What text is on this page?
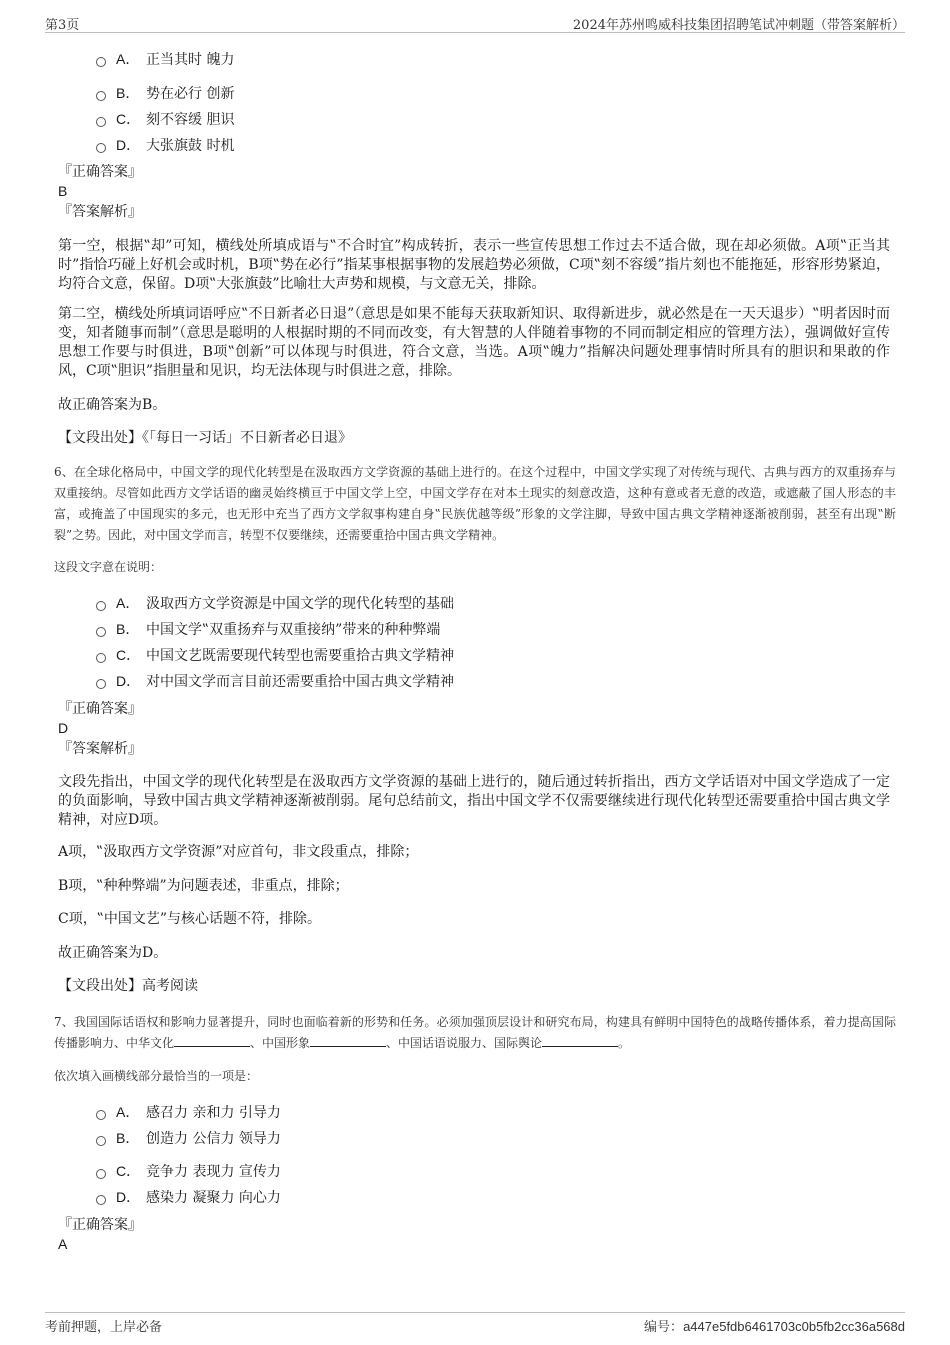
第3页	2024年苏州鸣威科技集团招聘笔试冲刺题（带答案解析）
A． 正当其时 魄力
B． 势在必行 创新
C． 刻不容缓 胆识
D． 大张旗鼓 时机
『正确答案』
B
『答案解析』
第一空，根据‟却”可知，横线处所填成语与‟不合时宜”构成转折，表示一些宣传思想工作过去不适合做，现在却必须做。A项‟正当其时”指恰巧碰上好机会或时机，B项‟势在必行”指某事根据事物的发展趋势必须做，C项‟刻不容缓”指片刻也不能拖延，形容形势紧迫，均符合文意，保留。D项‟大张旗鼓”比喻壮大声势和规模，与文意无关，排除。
第二空，横线处所填词语呼应‟不日新者必日退”（意思是如果不能每天获取新知识、取得新进步，就必然是在一天天退步）‟明者因时而变，知者随事而制”（意思是聪明的人根据时期的不同而改变，有大智慧的人伴随着事物的不同而制定相应的管理方法），强调做好宣传思想工作要与时俱进，B项‟创新”可以体现与时俱进，符合文意，当选。A项‟魄力”指解决问题处理事情时所具有的胆识和果敢的作风，C项‟胆识”指胆量和见识，均无法体现与时俱进之意，排除。
故正确答案为B。
【文段出处】《「每日一习话」不日新者必日退》
6、在全球化格局中，中国文学的现代化转型是在汲取西方文学资源的基础上进行的。在这个过程中，中国文学实现了对传统与现代、古典与西方的双重扬弃与双重接纳。尽管如此西方文学话语的幽灵始终横亘于中国文学上空，中国文学存在对本土现实的刻意改造，这种有意或者无意的改造，或遮蔽了国人形态的丰富，或掩盖了中国现实的多元，也无形中充当了西方文学叙事构建自身‟民族优越等级”形象的文学注脚，导致中国古典文学精神逐渐被削弱，甚至有出现‟断裂”之势。因此，对中国文学而言，转型不仅要继续，还需要重拾中国古典文学精神。
这段文字意在说明：
A． 汲取西方文学资源是中国文学的现代化转型的基础
B． 中国文学‟双重扬弃与双重接纳”带来的种种弊端
C． 中国文艺既需要现代转型也需要重拾古典文学精神
D． 对中国文学而言目前还需要重拾中国古典文学精神
『正确答案』
D
『答案解析』
文段先指出，中国文学的现代化转型是在汲取西方文学资源的基础上进行的，随后通过转折指出，西方文学话语对中国文学造成了一定的负面影响，导致中国古典文学精神逐渐被削弱。尾句总结前文，指出中国文学不仅需要继续进行现代化转型还需要重拾中国古典文学精神，对应D项。
A项，‟汲取西方文学资源”对应首句，非文段重点，排除；
B项，‟种种弊端”为问题表述，非重点，排除；
C项，‟中国文艺”与核心话题不符，排除。
故正确答案为D。
【文段出处】高考阅读
7、我国国际话语权和影响力显著提升，同时也面临着新的形势和任务。必须加强顶层设计和研究布局，构建具有鲜明中国特色的战略传播体系，着力提高国际传播影响力、中华文化	、中国形象	、中国话语说服力、国际舆论	。
依次填入画横线部分最恰当的一项是：
A． 感召力 亲和力 引导力
B． 创造力 公信力 领导力
C． 竞争力 表现力 宣传力
D． 感染力 凝聚力 向心力
『正确答案』
A
考前押题，上岸必备	编号：a447e5fdb6461703c0b5fb2cc36a568d
